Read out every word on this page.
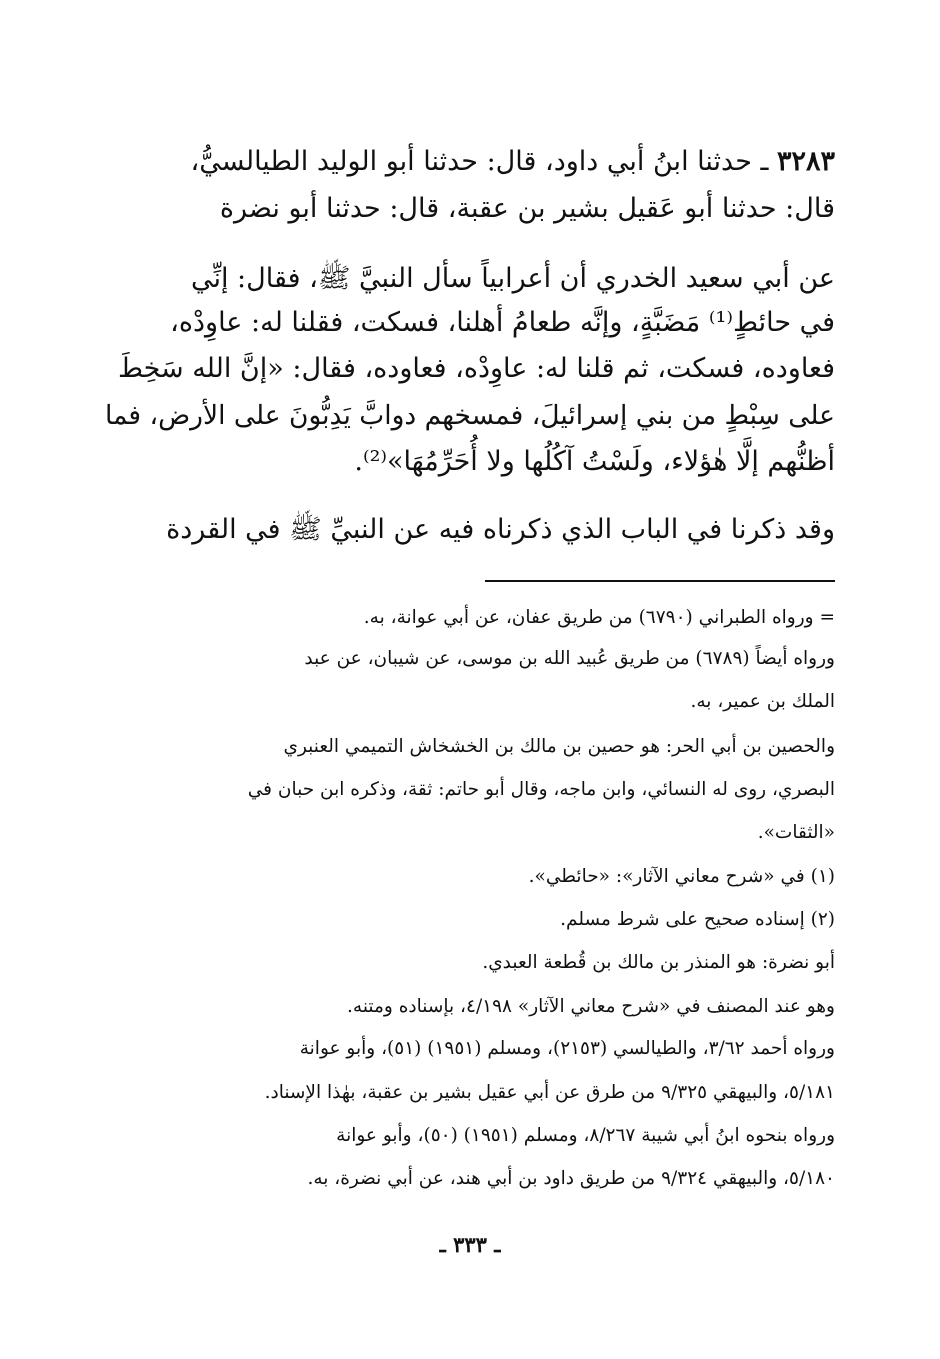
٣٢٨٣ ـ حدثنا ابنُ أبي داود، قال: حدثنا أبو الوليد الطيالسيُّ،

قال: حدثنا أبو عَقيل بشير بن عقبة، قال: حدثنا أبو نضرة

عن أبي سعيد الخدري أن أعرابياً سأل النبيَّ ﷺ، فقال: إنِّي

في حائطٍ⁽¹⁾ مَضَبَّةٍ، وإنَّه طعامُ أهلنا، فسكت، فقلنا له: عاوِدْه،

فعاوده، فسكت، ثم قلنا له: عاوِدْه، فعاوده، فقال: «إنَّ الله سَخِطَ

على سِبْطٍ من بني إسرائيلَ، فمسخهم دوابَّ يَدِبُّونَ على الأرض، فما

أظنُّهم إلَّا هٰؤلاء، ولَسْتُ آكُلُها ولا أُحَرِّمُهَا»⁽²⁾.

وقد ذكرنا في الباب الذي ذكرناه فيه عن النبيِّ ﷺ في القردة

= ورواه الطبراني (٦٧٩٠) من طريق عفان، عن أبي عوانة، به.

ورواه أيضاً (٦٧٨٩) من طريق عُبيد الله بن موسى، عن شيبان، عن عبد

الملك بن عمير، به.

والحصين بن أبي الحر: هو حصين بن مالك بن الخشخاش التميمي العنبري

البصري، روى له النسائي، وابن ماجه، وقال أبو حاتم: ثقة، وذكره ابن حبان في

«الثقات».

(١) في «شرح معاني الآثار»: «حائطي».

(٢) إسناده صحيح على شرط مسلم.

أبو نضرة: هو المنذر بن مالك بن قُطعة العبدي.

وهو عند المصنف في «شرح معاني الآثار» ٤/١٩٨، بإسناده ومتنه.

ورواه أحمد ٣/٦٢، والطيالسي (٢١٥٣)، ومسلم (١٩٥١) (٥١)، وأبو عوانة

٥/١٨١، والبيهقي ٩/٣٢٥ من طرق عن أبي عقيل بشير بن عقبة، بهٰذا الإسناد.

ورواه بنحوه ابنُ أبي شيبة ٨/٢٦٧، ومسلم (١٩٥١) (٥٠)، وأبو عوانة

٥/١٨٠، والبيهقي ٩/٣٢٤ من طريق داود بن أبي هند، عن أبي نضرة، به.

ـ ٣٣٣ ـ
